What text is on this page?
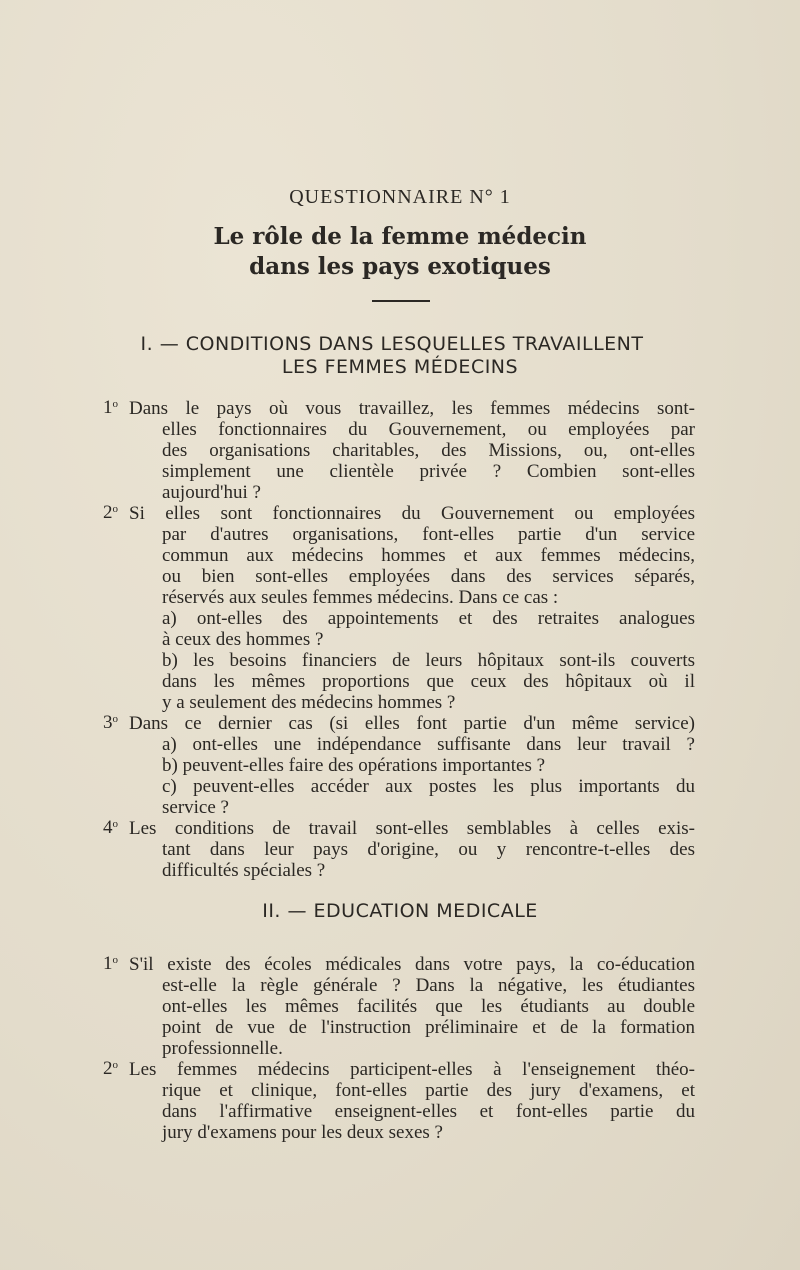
QUESTIONNAIRE N° 1
Le rôle de la femme médecin
dans les pays exotiques
I. — CONDITIONS DANS LESQUELLES TRAVAILLENT
LES FEMMES MÉDECINS
1$^o$ Dans le pays où vous travaillez, les femmes médecins sont-
elles fonctionnaires du Gouvernement, ou employées par
des organisations charitables, des Missions, ou, ont-elles
simplement une clientèle privée ? Combien sont-elles
aujourd'hui ?
2$^o$ Si elles sont fonctionnaires du Gouvernement ou employées
par d'autres organisations, font-elles partie d'un service
commun aux médecins hommes et aux femmes médecins,
ou bien sont-elles employées dans des services séparés,
réservés aux seules femmes médecins. Dans ce cas :
a) ont-elles des appointements et des retraites analogues
à ceux des hommes ?
b) les besoins financiers de leurs hôpitaux sont-ils couverts
dans les mêmes proportions que ceux des hôpitaux où il
y a seulement des médecins hommes ?
3$^o$ Dans ce dernier cas (si elles font partie d'un même service)
a) ont-elles une indépendance suffisante dans leur travail ?
b) peuvent-elles faire des opérations importantes ?
c) peuvent-elles accéder aux postes les plus importants du
service ?
4$^o$ Les conditions de travail sont-elles semblables à celles exis-
tant dans leur pays d'origine, ou y rencontre-t-elles des
difficultés spéciales ?
II. — EDUCATION MEDICALE
1$^o$ S'il existe des écoles médicales dans votre pays, la co-éducation
est-elle la règle générale ? Dans la négative, les étudiantes
ont-elles les mêmes facilités que les étudiants au double
point de vue de l'instruction préliminaire et de la formation
professionnelle.
2$^o$ Les femmes médecins participent-elles à l'enseignement théo-
rique et clinique, font-elles partie des jury d'examens, et
dans l'affirmative enseignent-elles et font-elles partie du
jury d'examens pour les deux sexes ?
